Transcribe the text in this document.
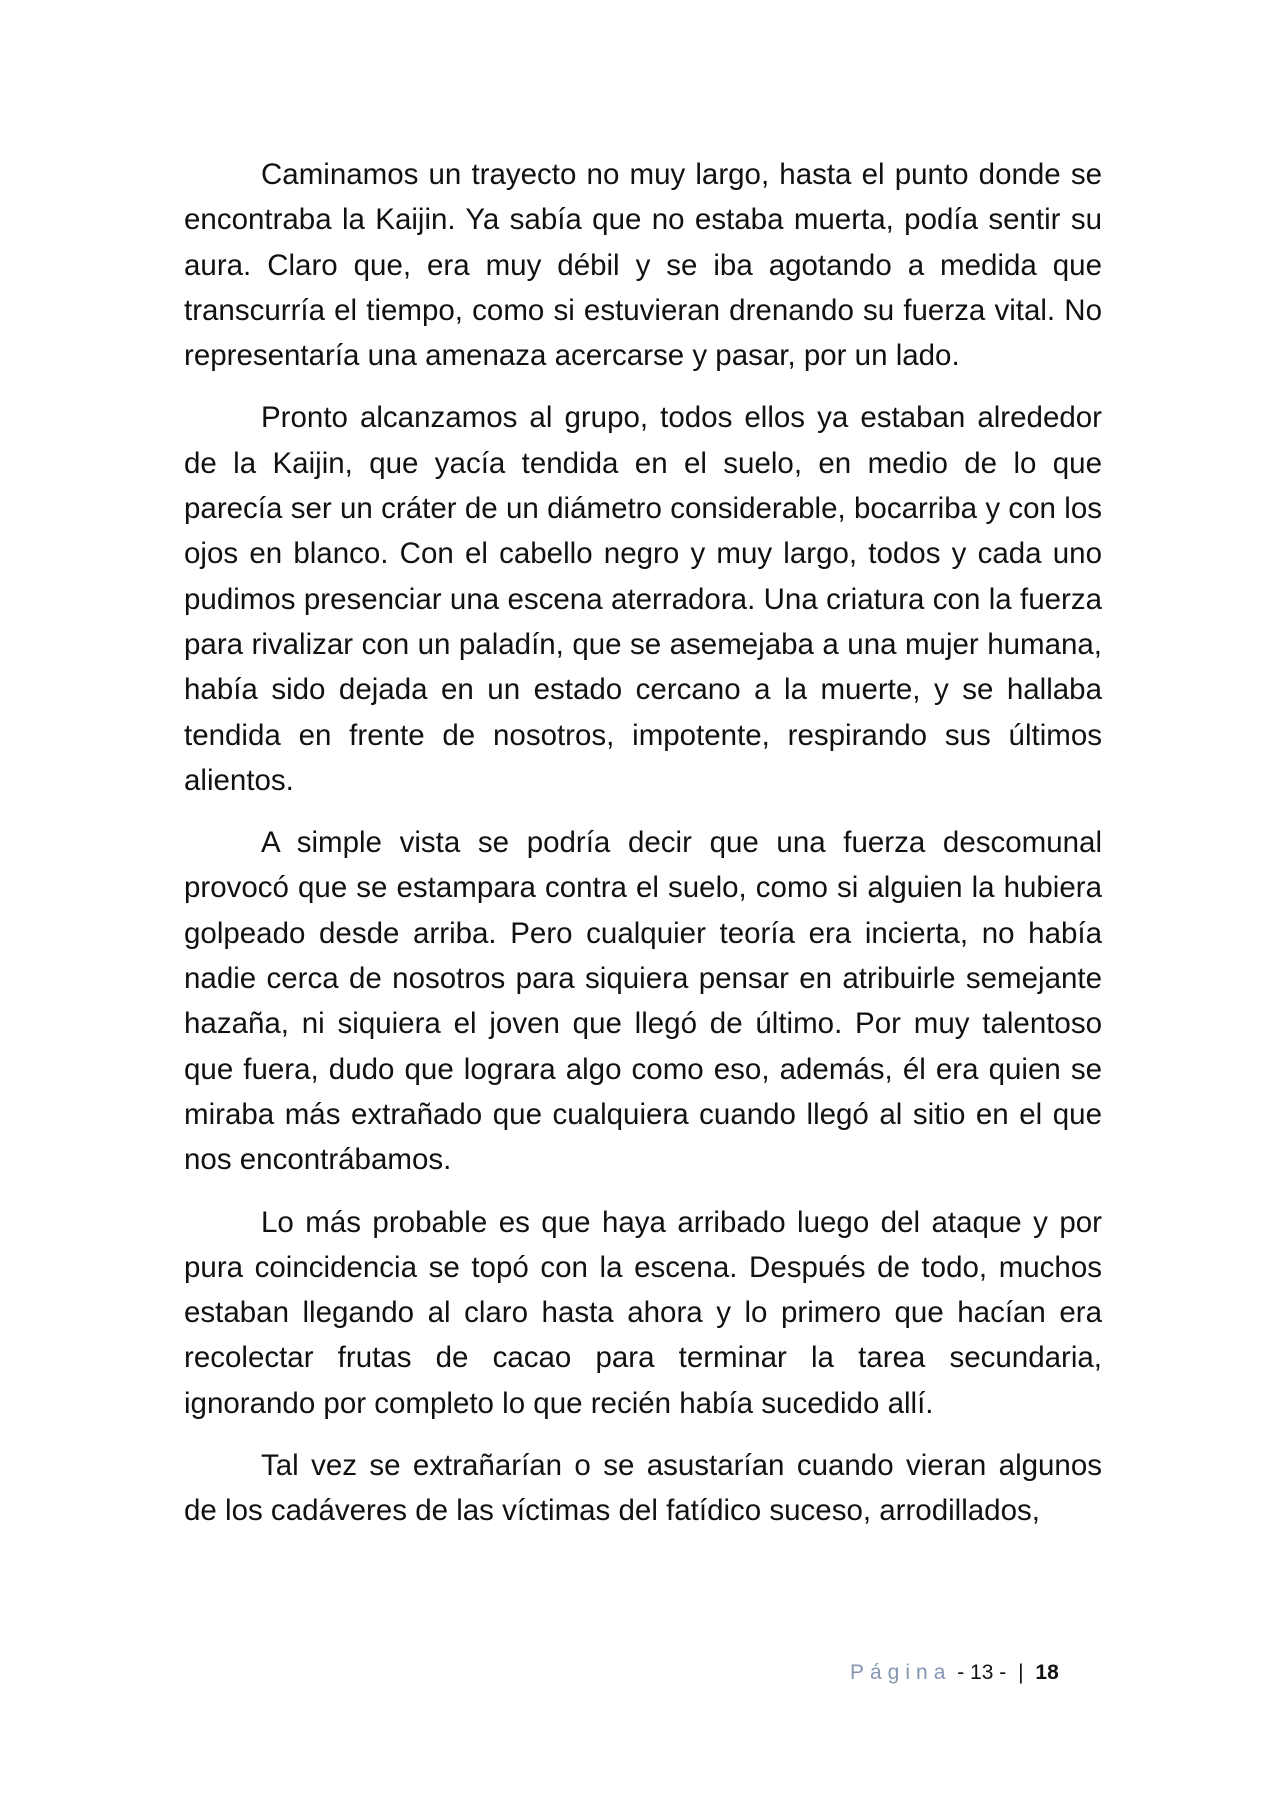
Caminamos un trayecto no muy largo, hasta el punto donde se encontraba la Kaijin. Ya sabía que no estaba muerta, podía sentir su aura. Claro que, era muy débil y se iba agotando a medida que transcurría el tiempo, como si estuvieran drenando su fuerza vital. No representaría una amenaza acercarse y pasar, por un lado.

Pronto alcanzamos al grupo, todos ellos ya estaban alrededor de la Kaijin, que yacía tendida en el suelo, en medio de lo que parecía ser un cráter de un diámetro considerable, bocarriba y con los ojos en blanco. Con el cabello negro y muy largo, todos y cada uno pudimos presenciar una escena aterradora. Una criatura con la fuerza para rivalizar con un paladín, que se asemejaba a una mujer humana, había sido dejada en un estado cercano a la muerte, y se hallaba tendida en frente de nosotros, impotente, respirando sus últimos alientos.

A simple vista se podría decir que una fuerza descomunal provocó que se estampara contra el suelo, como si alguien la hubiera golpeado desde arriba. Pero cualquier teoría era incierta, no había nadie cerca de nosotros para siquiera pensar en atribuirle semejante hazaña, ni siquiera el joven que llegó de último. Por muy talentoso que fuera, dudo que lograra algo como eso, además, él era quien se miraba más extrañado que cualquiera cuando llegó al sitio en el que nos encontrábamos.

Lo más probable es que haya arribado luego del ataque y por pura coincidencia se topó con la escena. Después de todo, muchos estaban llegando al claro hasta ahora y lo primero que hacían era recolectar frutas de cacao para terminar la tarea secundaria, ignorando por completo lo que recién había sucedido allí.

Tal vez se extrañarían o se asustarían cuando vieran algunos de los cadáveres de las víctimas del fatídico suceso, arrodillados,

Página - 13 - | 18
